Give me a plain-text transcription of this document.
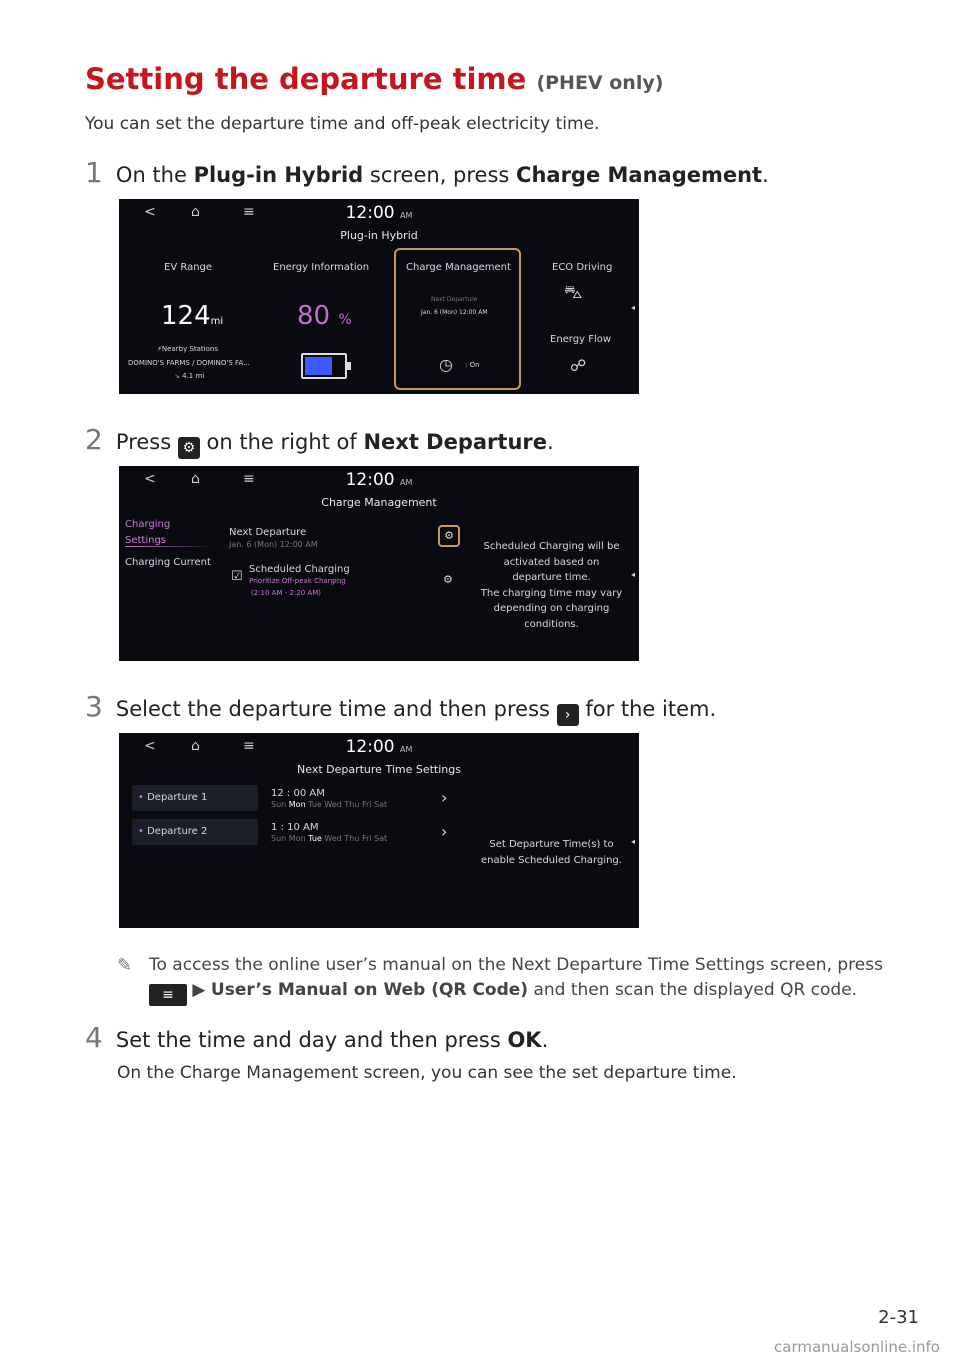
Setting the departure time (PHEV only)
You can set the departure time and off-peak electricity time.
1 On the Plug-in Hybrid screen, press Charge Management.
<	⌂	≡	12:00 AM
Plug-in Hybrid
EV Range
124mi
⚡Nearby Stations
DOMINO'S FARMS / DOMINO'S FA...
↘ 4.1 mi
Energy Information
80 %
Charge Management
Next Departure
Jan. 6 (Mon) 12:00 AM
◷ : On
ECO Driving
⛍
Energy Flow
☍
◂
2 Press ⚙ on the right of Next Departure.
<	⌂	≡	12:00 AM
Charge Management
Charging Settings
Charging Current
Next Departure
Jan. 6 (Mon) 12:00 AM
⚙
☑ Scheduled Charging
Prioritize Off-peak Charging
(2:10 AM - 2:20 AM)
⚙
Scheduled Charging will be
activated based on
departure time.
The charging time may vary
depending on charging
conditions.
◂
3 Select the departure time and then press › for the item.
<	⌂	≡	12:00 AM
Next Departure Time Settings
• Departure 1	12 : 00 AM
Sun Mon Tue Wed Thu Fri Sat	›
• Departure 2	1 : 10 AM
Sun Mon Tue Wed Thu Fri Sat	›
Set Departure Time(s) to
enable Scheduled Charging.
◂
✎ To access the online user’s manual on the Next Departure Time Settings screen, press
≡ ▶ User’s Manual on Web (QR Code) and then scan the displayed QR code.
4 Set the time and day and then press OK.
On the Charge Management screen, you can see the set departure time.
2-31
carmanualsonline.info
